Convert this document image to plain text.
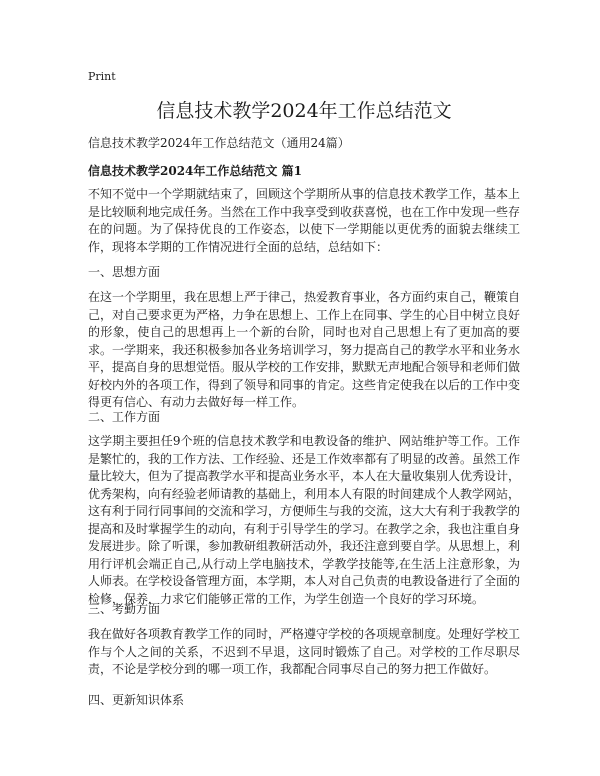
Print
信息技术教学2024年工作总结范文

信息技术教学2024年工作总结范文（通用24篇）

信息技术教学2024年工作总结范文 篇1

不知不觉中一个学期就结束了，回顾这个学期所从事的信息技术教学工作，基本上是比较顺利地完成任务。当然在工作中我享受到收获喜悦，也在工作中发现一些存在的问题。为了保持优良的工作姿态，以使下一学期能以更优秀的面貌去继续工作，现将本学期的工作情况进行全面的总结，总结如下：

一、思想方面

在这一个学期里，我在思想上严于律己，热爱教育事业，各方面约束自己，鞭策自己，对自己要求更为严格，力争在思想上、工作上在同事、学生的心目中树立良好的形象，使自己的思想再上一个新的台阶，同时也对自己思想上有了更加高的要求。一学期来，我还积极参加各业务培训学习，努力提高自己的教学水平和业务水平，提高自身的思想觉悟。服从学校的工作安排，默默无声地配合领导和老师们做好校内外的各项工作，得到了领导和同事的肯定。这些肯定使我在以后的工作中变得更有信心、有动力去做好每一样工作。

二、工作方面

这学期主要担任9个班的信息技术教学和电教设备的维护、网站维护等工作。工作是繁忙的，我的工作方法、工作经验、还是工作效率都有了明显的改善。虽然工作量比较大，但为了提高教学水平和提高业务水平，本人在大量收集别人优秀设计，优秀架构，向有经验老师请教的基础上，利用本人有限的时间建成个人教学网站，这有利于同行同事间的交流和学习，方便师生与我的交流，这大大有利于我教学的提高和及时掌握学生的动向，有利于引导学生的学习。在教学之余，我也注重自身发展进步。除了听课，参加教研组教研活动外，我还注意到要自学。从思想上，利用行评机会端正自己,从行动上学电脑技术，学教学技能等,在生活上注意形象，为人师表。在学校设备管理方面，本学期，本人对自己负责的电教设备进行了全面的检修，保养，力求它们能够正常的工作，为学生创造一个良好的学习环境。

三、考勤方面

我在做好各项教育教学工作的同时，严格遵守学校的各项规章制度。处理好学校工作与个人之间的关系，不迟到不早退，这同时锻炼了自己。对学校的工作尽职尽责，不论是学校分到的哪一项工作，我都配合同事尽自己的努力把工作做好。

四、更新知识体系
